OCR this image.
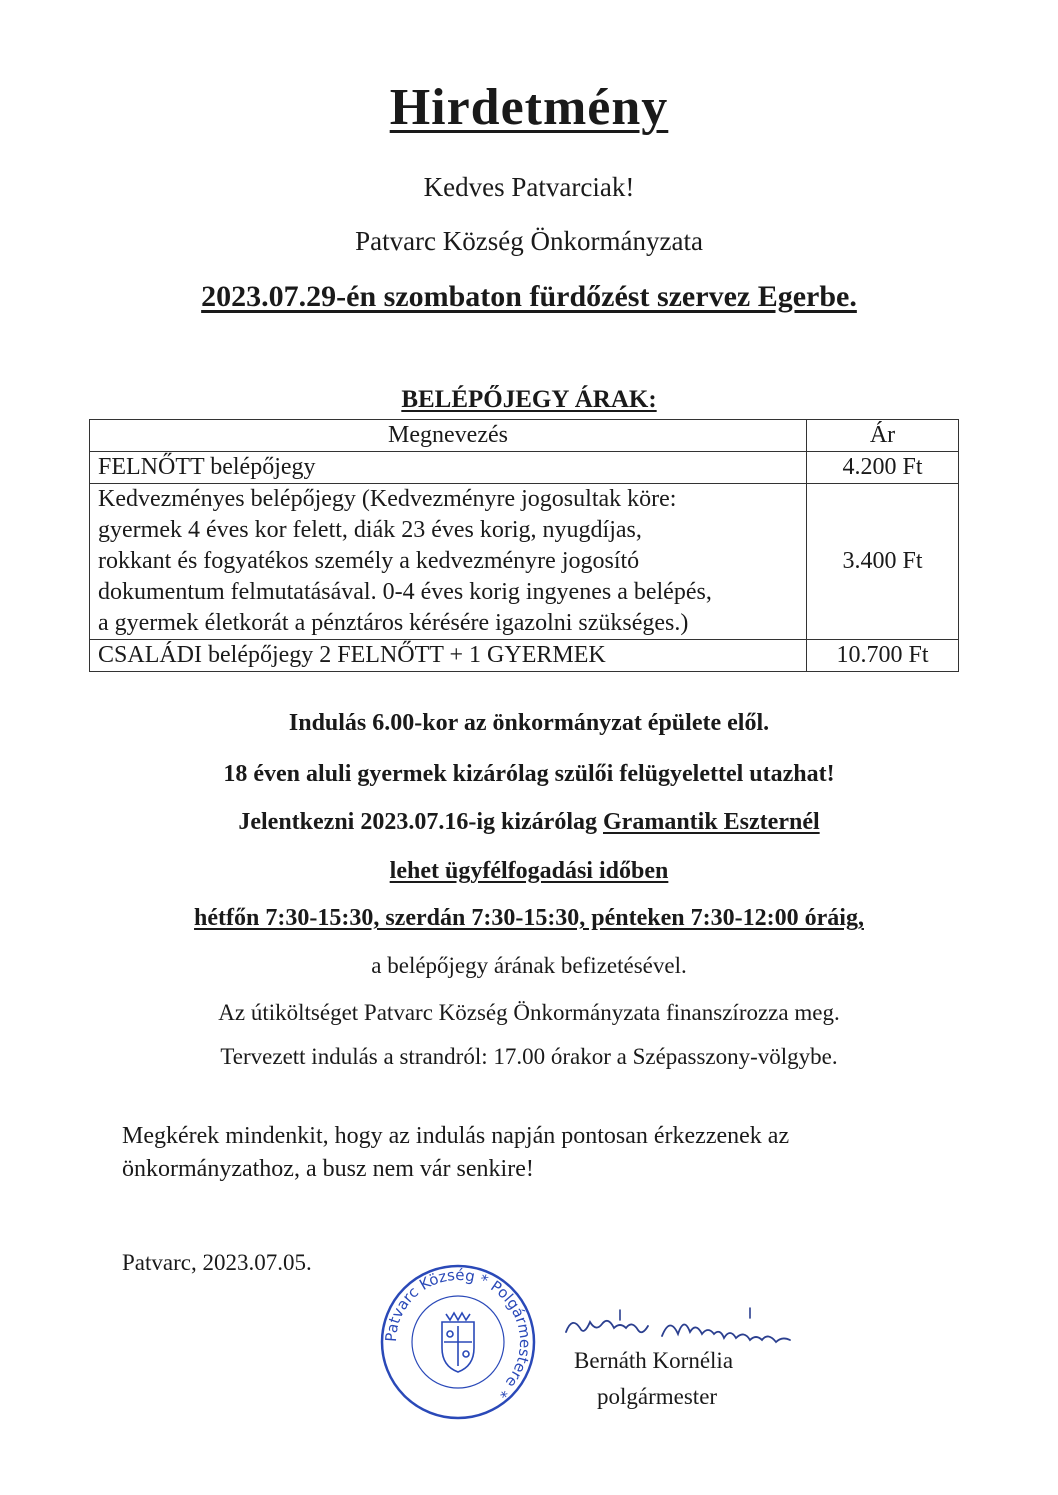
Hirdetmény
Kedves Patvarciak!
Patvarc Község Önkormányzata
2023.07.29-én szombaton fürdőzést szervez Egerbe.
BELÉPŐJEGY ÁRAK:
Megnevezés	Ár
FELNŐTT belépőjegy	4.200 Ft

Kedvezményes belépőjegy (Kedvezményre jogosultak köre:
gyermek 4 éves kor felett, diák 23 éves korig, nyugdíjas,
rokkant és fogyatékos személy a kedvezményre jogosító
dokumentum felmutatásával. 0-4 éves korig ingyenes a belépés,
a gyermek életkorát a pénztáros kérésére igazolni szükséges.)	3.400 Ft
CSALÁDI belépőjegy 2 FELNŐTT + 1 GYERMEK	10.700 Ft
Indulás 6.00-kor az önkormányzat épülete elől.
18 éven aluli gyermek kizárólag szülői felügyelettel utazhat!
Jelentkezni 2023.07.16-ig kizárólag Gramantik Eszternél
lehet ügyfélfogadási időben
hétfőn 7:30-15:30, szerdán 7:30-15:30, pénteken 7:30-12:00 óráig,
a belépőjegy árának befizetésével.
Az útiköltséget Patvarc Község Önkormányzata finanszírozza meg.
Tervezett indulás a strandról: 17.00 órakor a Szépasszony-völgybe.
Megkérek mindenkit, hogy az indulás napján pontosan érkezzenek az
önkormányzathoz, a busz nem vár senkire!
Patvarc, 2023.07.05.
Patvarc Község * Polgármestere *
Bernáth Kornélia
polgármester
